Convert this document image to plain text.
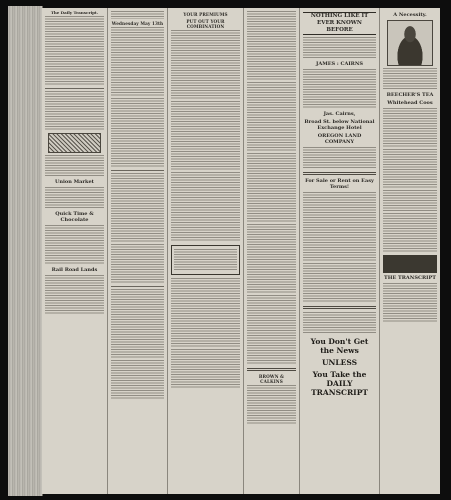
The Daily Transcript.
Union Market
Quick Time & Chocolate
Rail Road Lands
Wednesday May 13th
YOUR PREMIUMS
PUT OUT YOUR COMBINATION
BROWN & CALKINS
NOTHING LIKE IT EVER KNOWN BEFORE
JAMES : CAIRNS
Jas. Cairns,
Broad St. below National Exchange Hotel
OREGON LAND COMPANY
For Sale or Rent on Easy Terms!
You Don't Get the News
UNLESS
You Take the DAILY TRANSCRIPT
A Necessity.
BEECHER'S TEA
Whitehead Coos
THE TRANSCRIPT
